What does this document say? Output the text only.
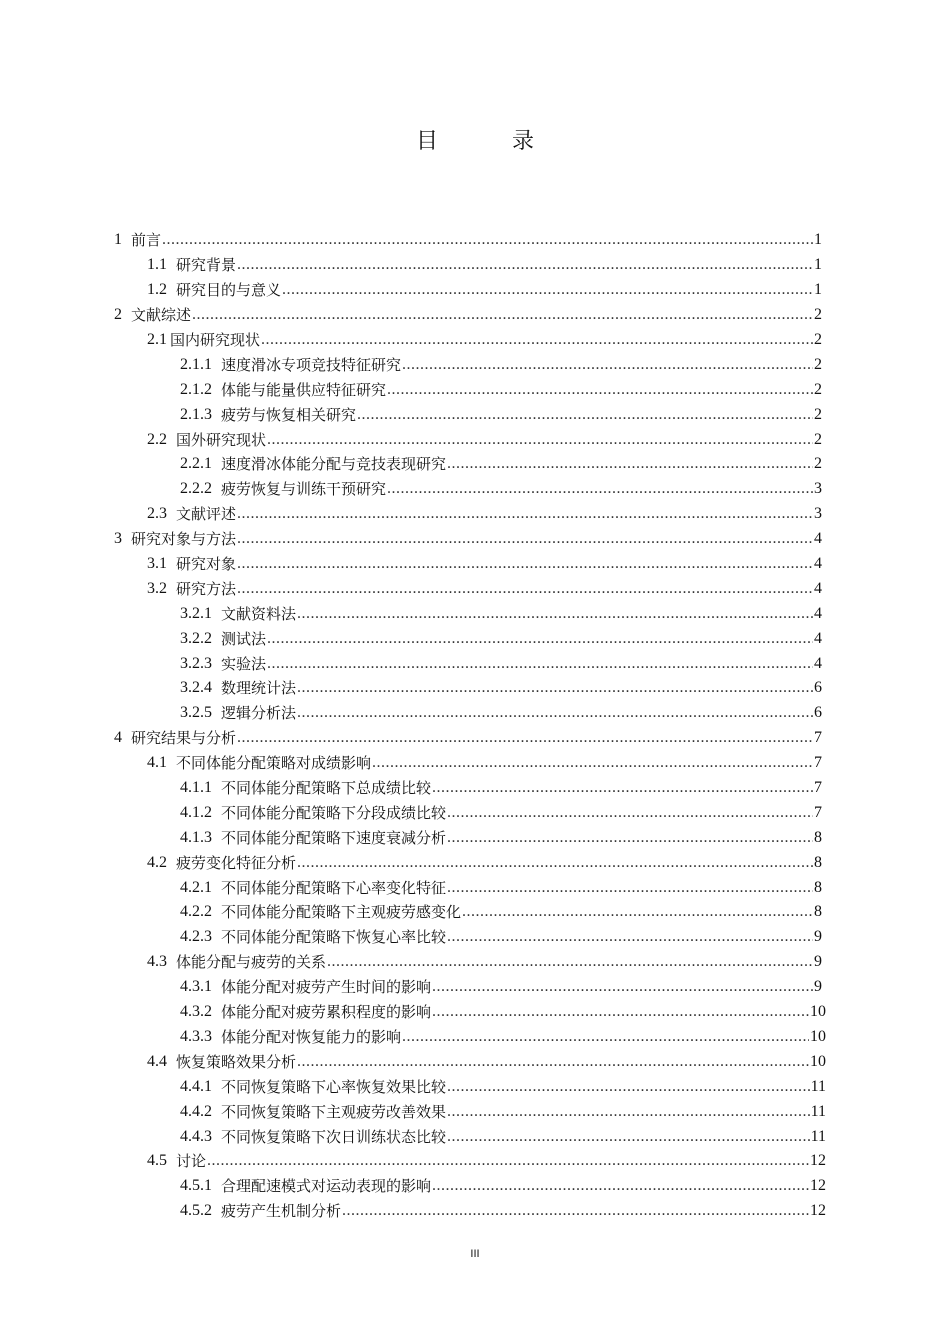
目　录
1 前言 .....	1
1.1 研究背景 .....	1
1.2 研究目的与意义 .....	1
2 文献综述 .....	2
2.1 国内研究现状 .....	2
2.1.1 速度滑冰专项竞技特征研究 .....	2
2.1.2 体能与能量供应特征研究 .....	2
2.1.3 疲劳与恢复相关研究 .....	2
2.2 国外研究现状 .....	2
2.2.1 速度滑冰体能分配与竞技表现研究 .....	2
2.2.2 疲劳恢复与训练干预研究 .....	3
2.3 文献评述 .....	3
3 研究对象与方法 .....	4
3.1 研究对象 .....	4
3.2 研究方法 .....	4
3.2.1 文献资料法 .....	4
3.2.2 测试法 .....	4
3.2.3 实验法 .....	4
3.2.4 数理统计法 .....	6
3.2.5 逻辑分析法 .....	6
4 研究结果与分析 .....	7
4.1 不同体能分配策略对成绩影响 .....	7
4.1.1 不同体能分配策略下总成绩比较 .....	7
4.1.2 不同体能分配策略下分段成绩比较 .....	7
4.1.3 不同体能分配策略下速度衰减分析 .....	8
4.2 疲劳变化特征分析 .....	8
4.2.1 不同体能分配策略下心率变化特征 .....	8
4.2.2 不同体能分配策略下主观疲劳感变化 .....	8
4.2.3 不同体能分配策略下恢复心率比较 .....	9
4.3 体能分配与疲劳的关系 .....	9
4.3.1 体能分配对疲劳产生时间的影响 .....	9
4.3.2 体能分配对疲劳累积程度的影响 .....	10
4.3.3 体能分配对恢复能力的影响 .....	10
4.4 恢复策略效果分析 .....	10
4.4.1 不同恢复策略下心率恢复效果比较 .....	11
4.4.2 不同恢复策略下主观疲劳改善效果 .....	11
4.4.3 不同恢复策略下次日训练状态比较 .....	11
4.5 讨论 .....	12
4.5.1 合理配速模式对运动表现的影响 .....	12
4.5.2 疲劳产生机制分析 .....	12
III
